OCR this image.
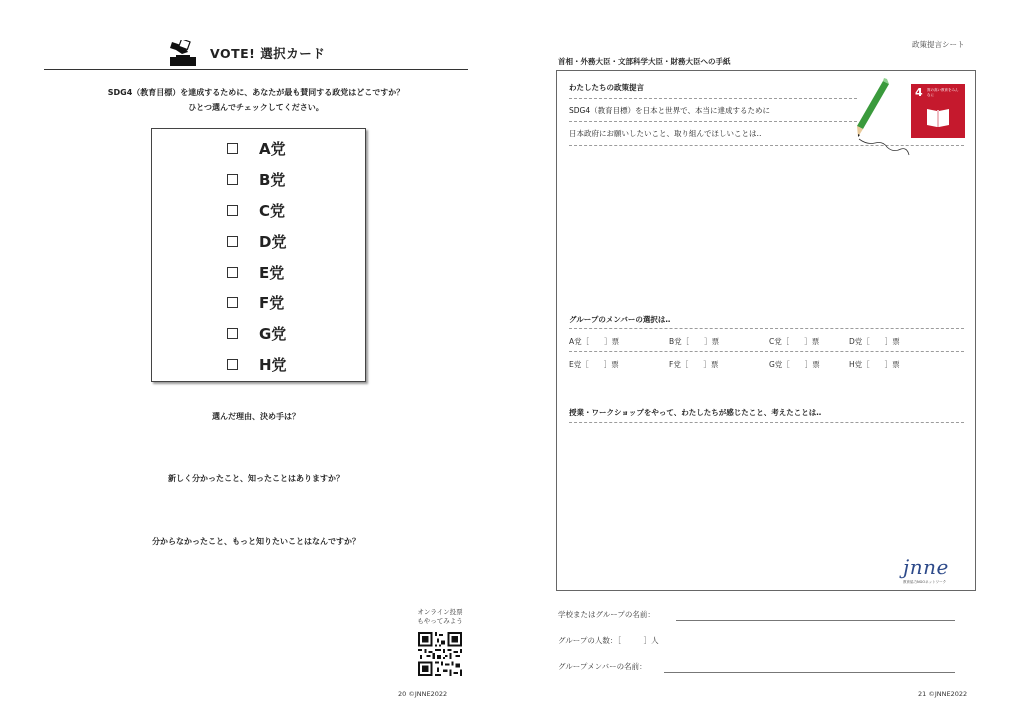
VOTE! 選択カード
SDG4（教育目標）を達成するために、あなたが最も賛同する政党はどこですか？
ひとつ選んでチェックしてください。
A党
B党
C党
D党
E党
F党
G党
H党
選んだ理由、決め手は？
新しく分かったこと、知ったことはありますか？
分からなかったこと、もっと知りたいことはなんですか？
オンライン投票
もやってみよう
20 ©JNNE2022
政策提言シート
首相・外務大臣・文部科学大臣・財務大臣への手紙
わたしたちの政策提言
SDG4（教育目標）を日本と世界で、本当に達成するために
日本政府にお願いしたいこと、取り組んでほしいことは‥
4 質の高い教育をみんなに
グループのメンバーの選択は‥
A党［　　］票	B党［　　］票	C党［　　］票	D党［　　］票
E党［　　］票	F党［　　］票	G党［　　］票	H党［　　］票
授業・ワークショップをやって、わたしたちが感じたこと、考えたことは‥
jnne
教育協力NGOネットワーク
学校またはグループの名前：
グループの人数：［　　　］人
グループメンバーの名前：
21 ©JNNE2022
